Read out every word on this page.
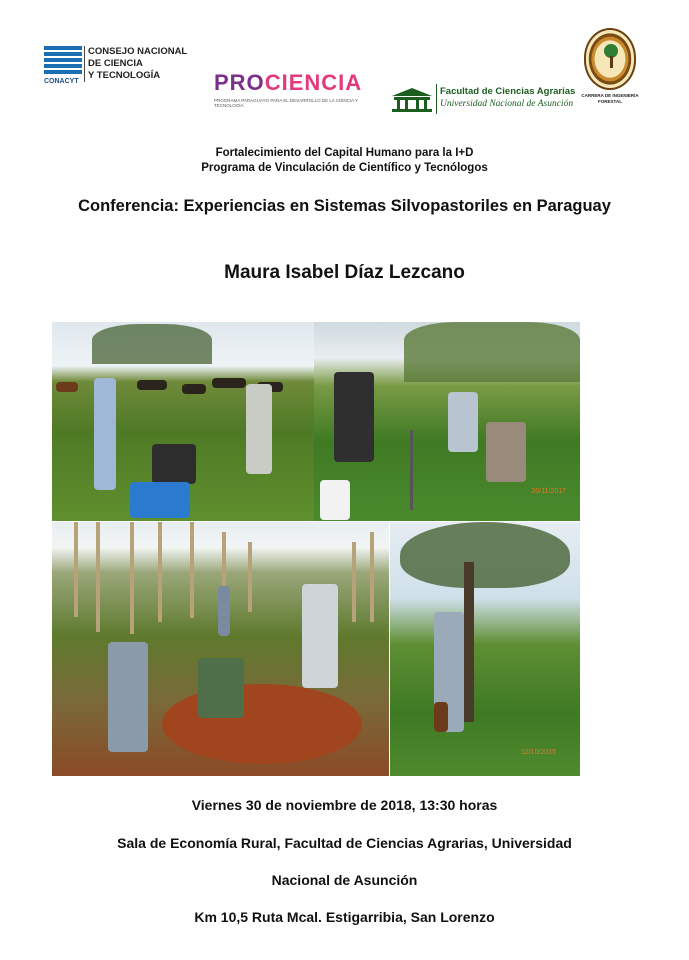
CONACYT
CONSEJO NACIONAL
DE CIENCIA
Y TECNOLOGÍA	PROCIENCIA
PROGRAMA PARAGUAYO PARA EL DESARROLLO DE LA CIENCIA Y TECNOLOGÍA
Facultad de Ciencias Agrarias
Universidad Nacional de Asunción
CARRERA DE INGENIERÍA FORESTAL
Fortalecimiento del Capital Humano para la I+D
Programa de Vinculación de Científico y Tecnólogos
Conferencia: Experiencias en Sistemas Silvopastoriles en Paraguay
Maura Isabel Díaz Lezcano
20/11/2017
12/10/2015
Viernes 30 de noviembre de 2018, 13:30 horas
Sala de Economía Rural, Facultad de Ciencias Agrarias, Universidad
Nacional de Asunción
Km 10,5 Ruta Mcal. Estigarribia, San Lorenzo
